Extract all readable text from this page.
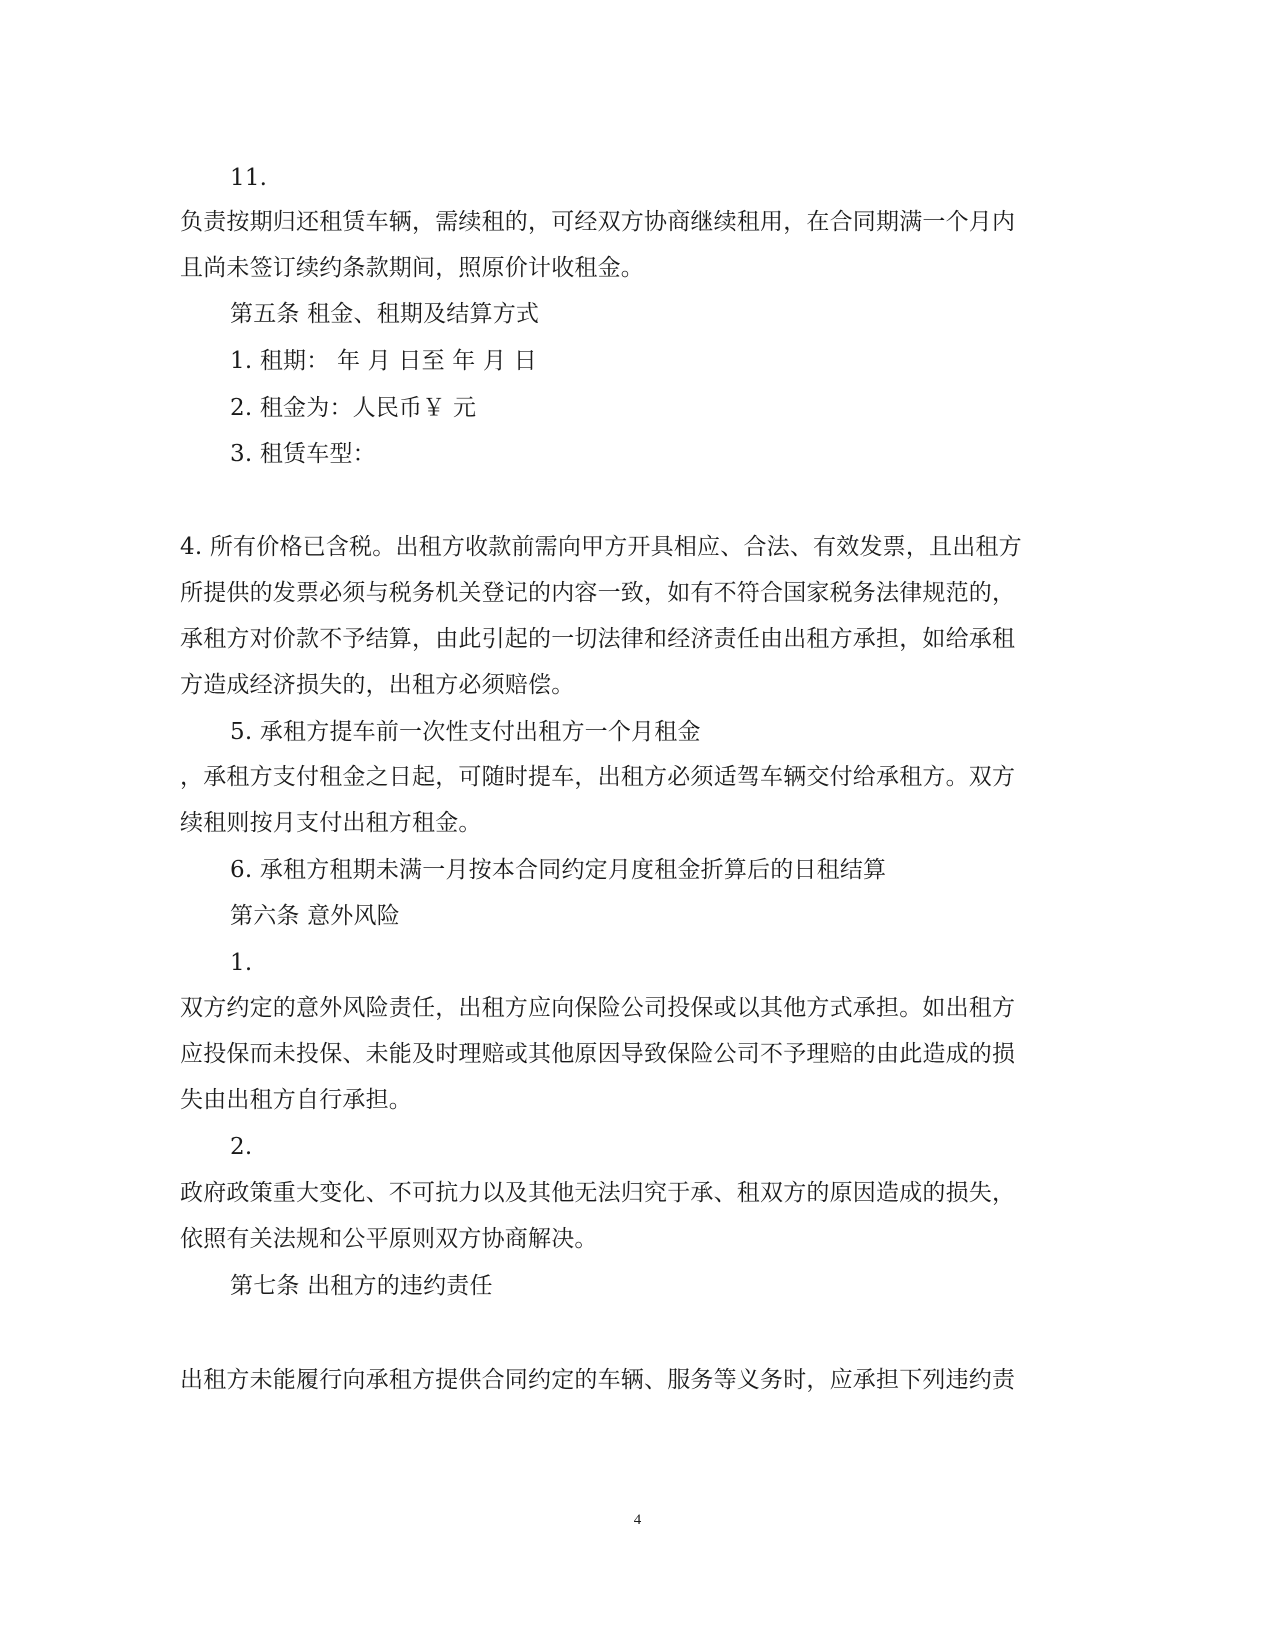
11.
负责按期归还租赁车辆，需续租的，可经双方协商继续租用，在合同期满一个月内
且尚未签订续约条款期间，照原价计收租金。
第五条 租金、租期及结算方式
1. 租期： 年 月 日至 年 月 日
2. 租金为：人民币￥ 元
3. 租赁车型：
4. 所有价格已含税。出租方收款前需向甲方开具相应、合法、有效发票，且出租方
所提供的发票必须与税务机关登记的内容一致，如有不符合国家税务法律规范的，
承租方对价款不予结算，由此引起的一切法律和经济责任由出租方承担，如给承租
方造成经济损失的，出租方必须赔偿。
5. 承租方提车前一次性支付出租方一个月租金
，承租方支付租金之日起，可随时提车，出租方必须适驾车辆交付给承租方。双方
续租则按月支付出租方租金。
6. 承租方租期未满一月按本合同约定月度租金折算后的日租结算
第六条 意外风险
1.
双方约定的意外风险责任，出租方应向保险公司投保或以其他方式承担。如出租方
应投保而未投保、未能及时理赔或其他原因导致保险公司不予理赔的由此造成的损
失由出租方自行承担。
2.
政府政策重大变化、不可抗力以及其他无法归究于承、租双方的原因造成的损失，
依照有关法规和公平原则双方协商解决。
第七条 出租方的违约责任
出租方未能履行向承租方提供合同约定的车辆、服务等义务时，应承担下列违约责
4
